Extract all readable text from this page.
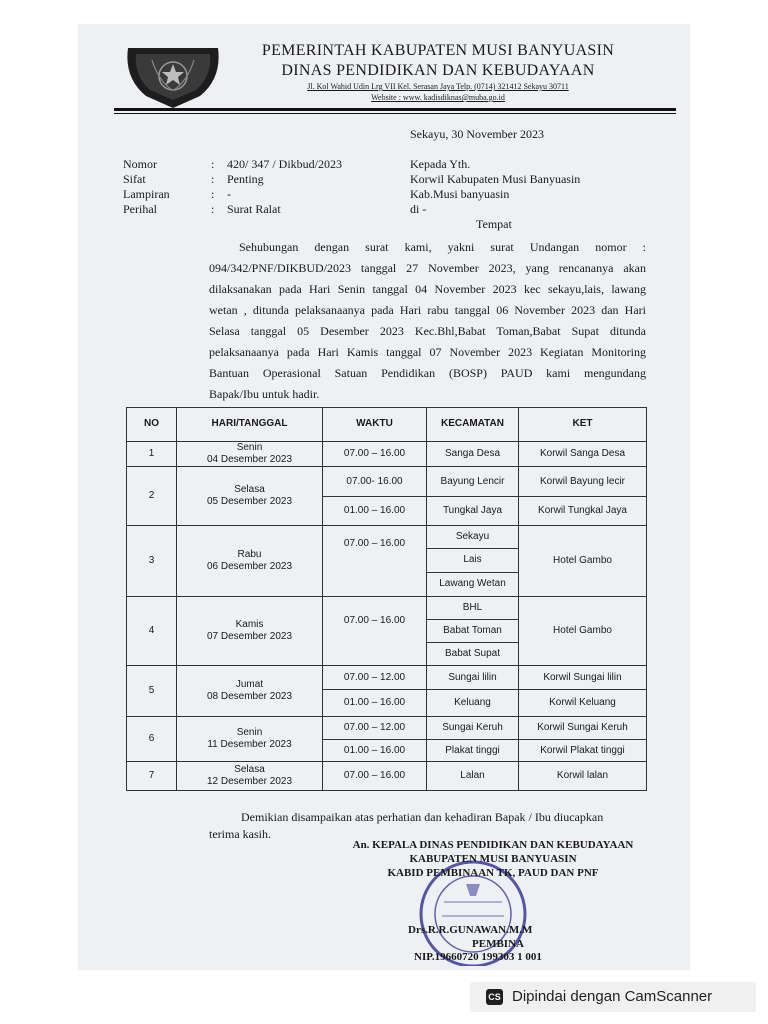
PEMERINTAH KABUPATEN MUSI BANYUASIN
DINAS PENDIDIKAN DAN KEBUDAYAAN
Jl. Kol Wahid Udin Lrg VII Kel. Serasan Jaya Telp. (0714) 321412 Sekayu 30711
Website : www. kadisdiknas@muba.go.id
Sekayu, 30 November 2023
Nomor	: 420/ 347 / Dikbud/2023
Sifat	: Penting
Lampiran	: -
Perihal	: Surat Ralat
Kepada Yth.
Korwil Kabupaten Musi Banyuasin
Kab.Musi banyuasin
di -
Tempat
Sehubungan dengan surat kami, yakni surat Undangan nomor :
094/342/PNF/DIKBUD/2023 tanggal 27 November 2023, yang rencananya akan
dilaksanakan pada Hari Senin tanggal 04 November 2023 kec sekayu,lais, lawang
wetan , ditunda pelaksanaanya pada Hari rabu tanggal 06 November 2023 dan Hari
Selasa tanggal 05 Desember 2023 Kec.Bhl,Babat Toman,Babat Supat ditunda
pelaksanaanya pada Hari Kamis tanggal 07 November 2023 Kegiatan Monitoring
Bantuan Operasional Satuan Pendidikan (BOSP) PAUD kami mengundang
Bapak/Ibu untuk hadir.
NO	HARI/TANGGAL	WAKTU	KECAMATAN	KET
1	Senin
04 Desember 2023	07.00 – 16.00	Sanga Desa	Korwil Sanga Desa
2	Selasa
05 Desember 2023	07.00- 16.00	Bayung Lencir	Korwil Bayung lecir
		01.00 – 16.00	Tungkal Jaya	Korwil Tungkal Jaya
3	Rabu
06 Desember 2023	07.00 – 16.00	Sekayu	Hotel Gambo
			Lais	
			Lawang Wetan	
4	Kamis
07 Desember 2023	07.00 – 16.00	BHL	Hotel Gambo
			Babat Toman	
			Babat Supat	
5	Jumat
08 Desember 2023	07.00 – 12.00	Sungai lilin	Korwil Sungai lilin
		01.00 – 16.00	Keluang	Korwil Keluang
6	Senin
11 Desember 2023	07.00 – 12.00	Sungai Keruh	Korwil Sungai Keruh
		01.00 – 16.00	Plakat tinggi	Korwil Plakat tinggi
7	Selasa
12 Desember 2023	07.00 – 16.00	Lalan	Korwil lalan
Demikian disampaikan atas perhatian dan kehadiran Bapak / Ibu diucapkan
terima kasih.
An. KEPALA DINAS PENDIDIKAN DAN KEBUDAYAAN
KABUPATEN MUSI BANYUASIN
KABID PEMBINAAN TK, PAUD DAN PNF
Drs.R.R.GUNAWAN.M.M
PEMBINA
NIP.19660720 199303 1 001
CS Dipindai dengan CamScanner
